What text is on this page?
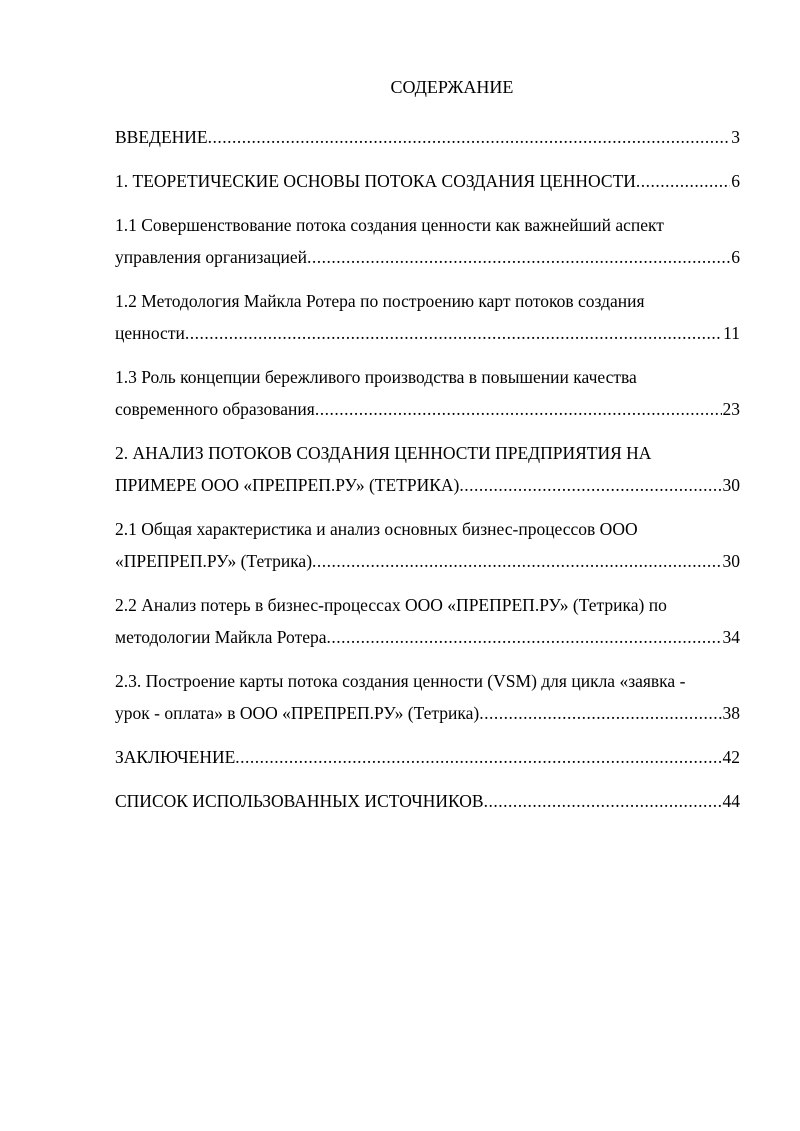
СОДЕРЖАНИЕ
ВВЕДЕНИЕ .....	3
1. ТЕОРЕТИЧЕСКИЕ ОСНОВЫ ПОТОКА СОЗДАНИЯ ЦЕННОСТИ .....	6
1.1 Совершенствование потока создания ценности как важнейший аспект
управления организацией .....	6
1.2 Методология Майкла Ротера по построению карт потоков создания
ценности .....	11
1.3 Роль концепции бережливого производства в повышении качества
современного образования .....	23
2. АНАЛИЗ ПОТОКОВ СОЗДАНИЯ ЦЕННОСТИ ПРЕДПРИЯТИЯ НА
ПРИМЕРЕ ООО «ПРЕПРЕП.РУ» (ТЕТРИКА) .....	30
2.1 Общая характеристика и анализ основных бизнес-процессов ООО
«ПРЕПРЕП.РУ» (Тетрика) .....	30
2.2 Анализ потерь в бизнес-процессах ООО «ПРЕПРЕП.РУ» (Тетрика) по
методологии Майкла Ротера .....	34
2.3. Построение карты потока создания ценности (VSM) для цикла «заявка -
урок - оплата» в ООО «ПРЕПРЕП.РУ» (Тетрика) .....	38
ЗАКЛЮЧЕНИЕ .....	42
СПИСОК ИСПОЛЬЗОВАННЫХ ИСТОЧНИКОВ .....	44
